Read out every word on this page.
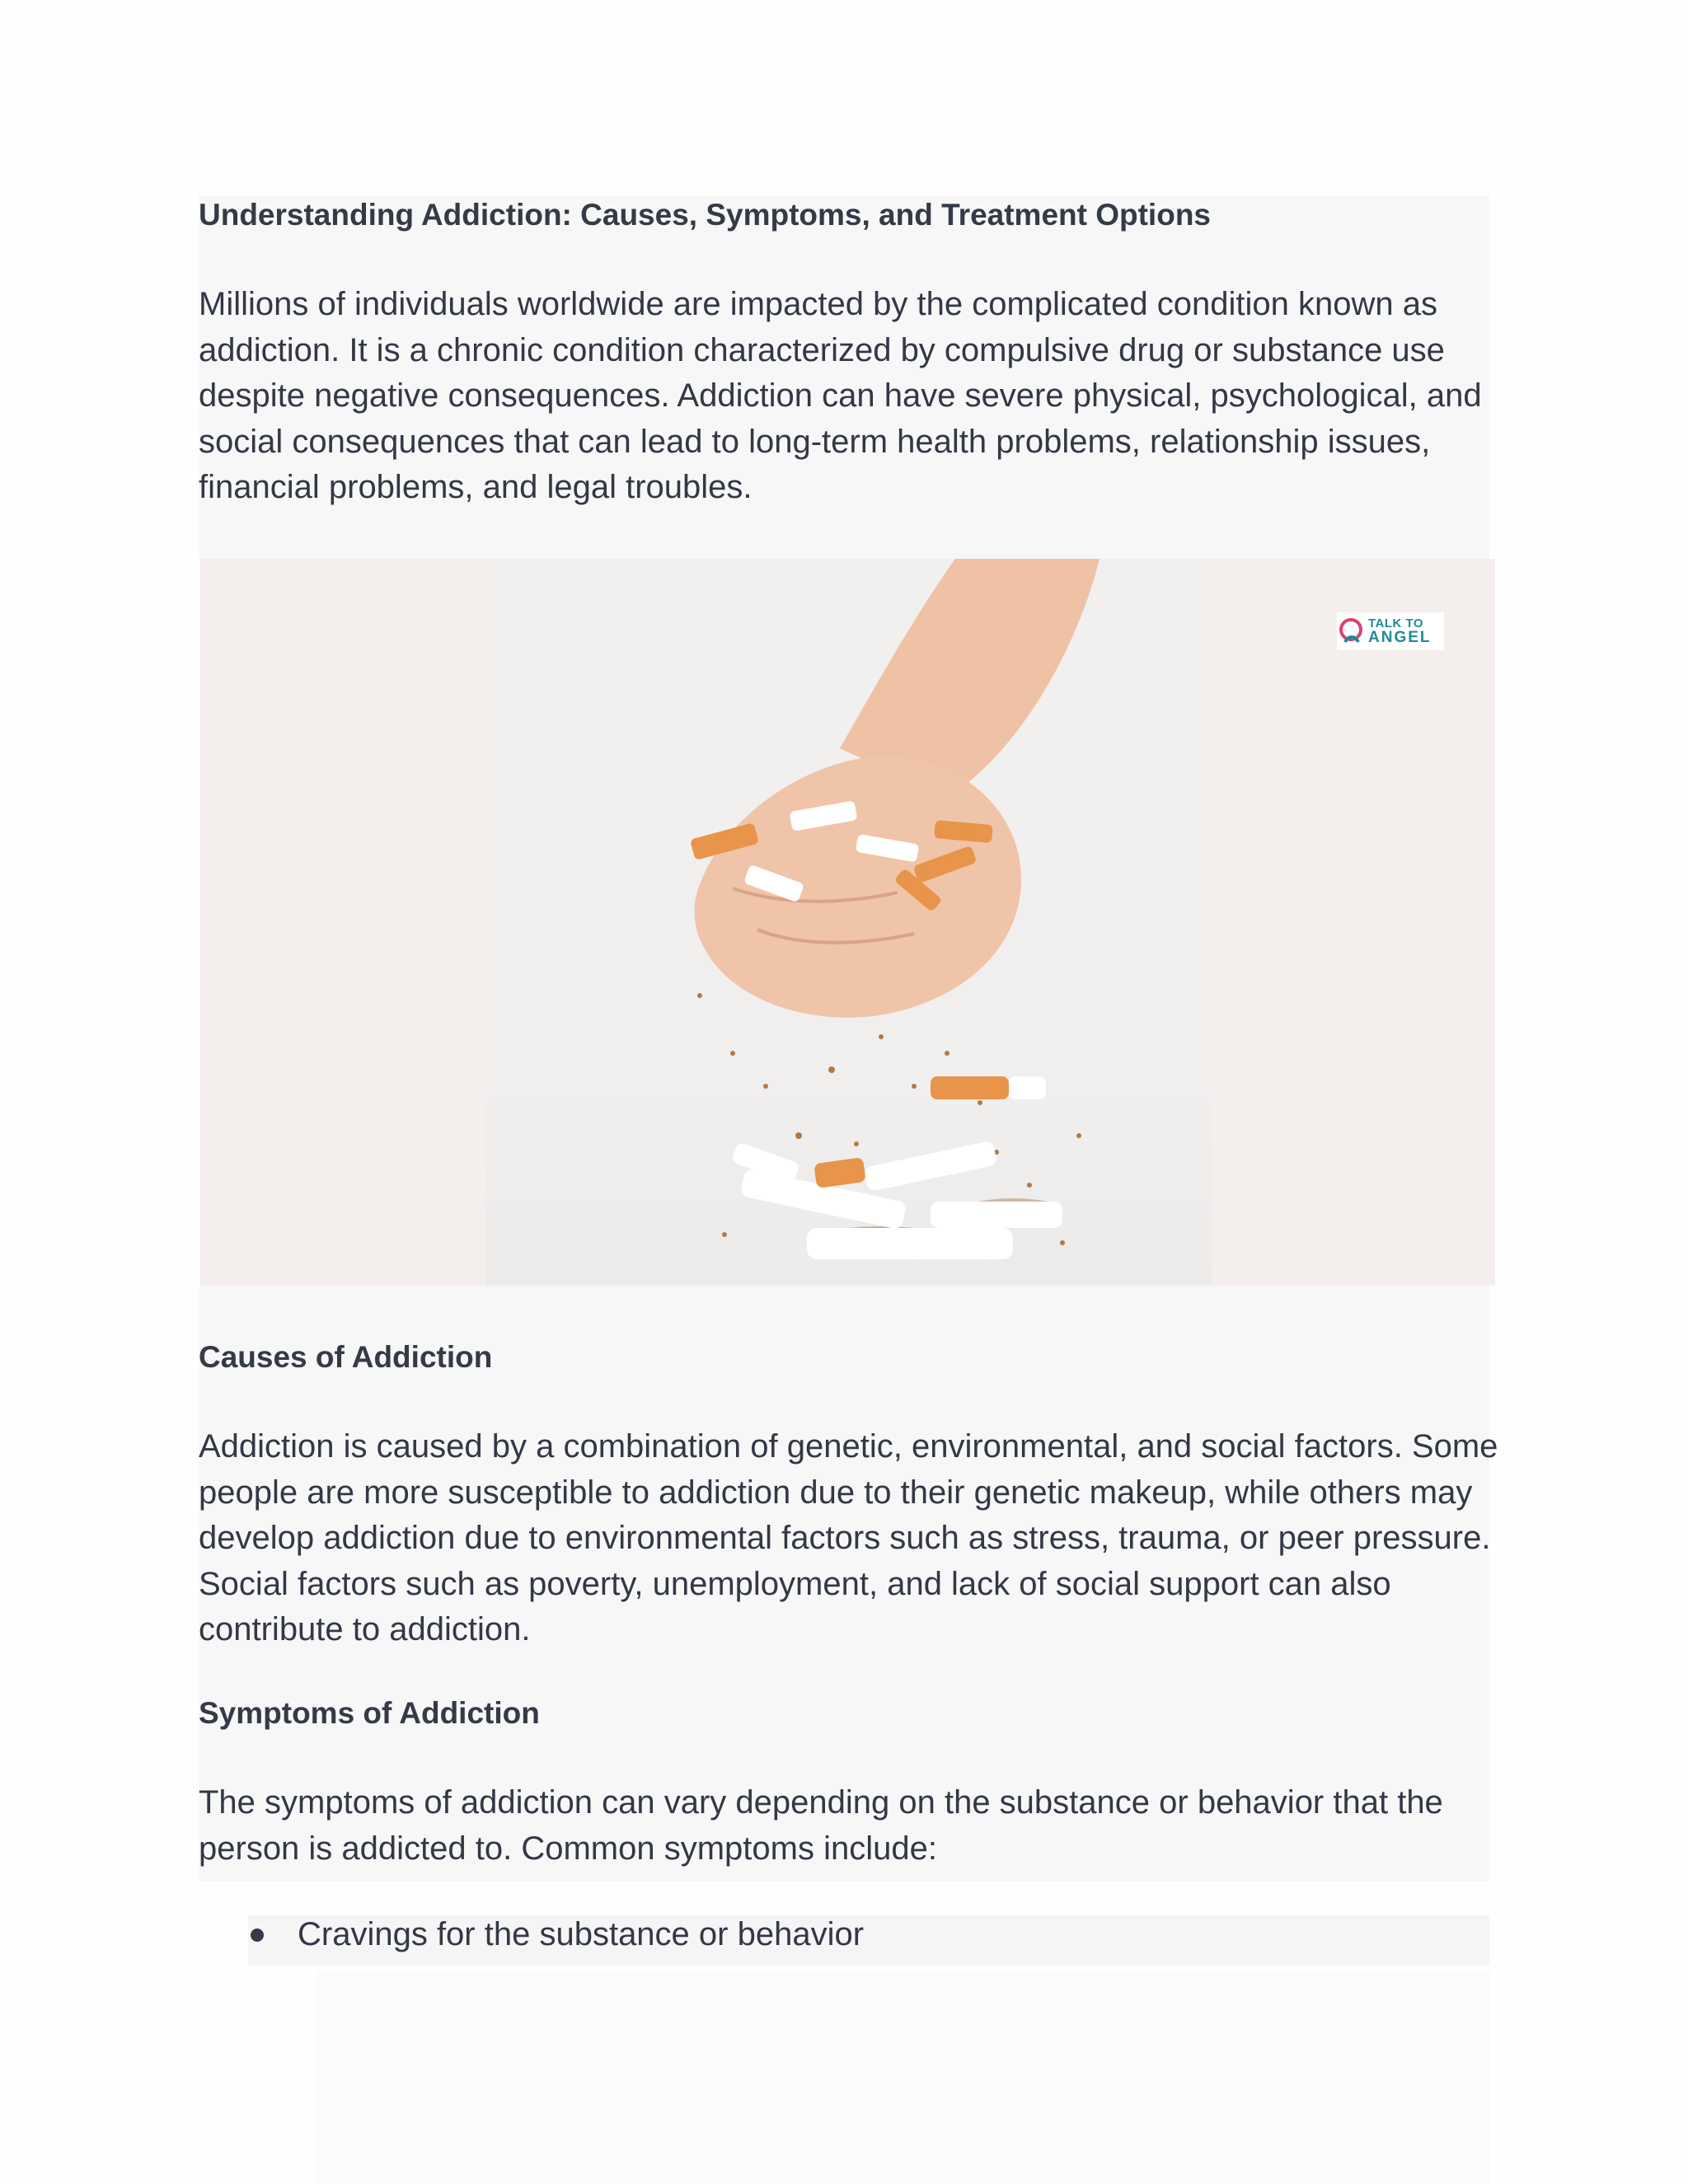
Understanding Addiction: Causes, Symptoms, and Treatment Options

Millions of individuals worldwide are impacted by the complicated condition known as addiction. It is a chronic condition characterized by compulsive drug or substance use despite negative consequences. Addiction can have severe physical, psychological, and social consequences that can lead to long-term health problems, relationship issues, financial problems, and legal troubles.

TALK TO
ANGEL
Causes of Addiction

Addiction is caused by a combination of genetic, environmental, and social factors. Some people are more susceptible to addiction due to their genetic makeup, while others may develop addiction due to environmental factors such as stress, trauma, or peer pressure. Social factors such as poverty, unemployment, and lack of social support can also contribute to addiction.

Symptoms of Addiction

The symptoms of addiction can vary depending on the substance or behavior that the person is addicted to. Common symptoms include:

Cravings for the substance or behavior
